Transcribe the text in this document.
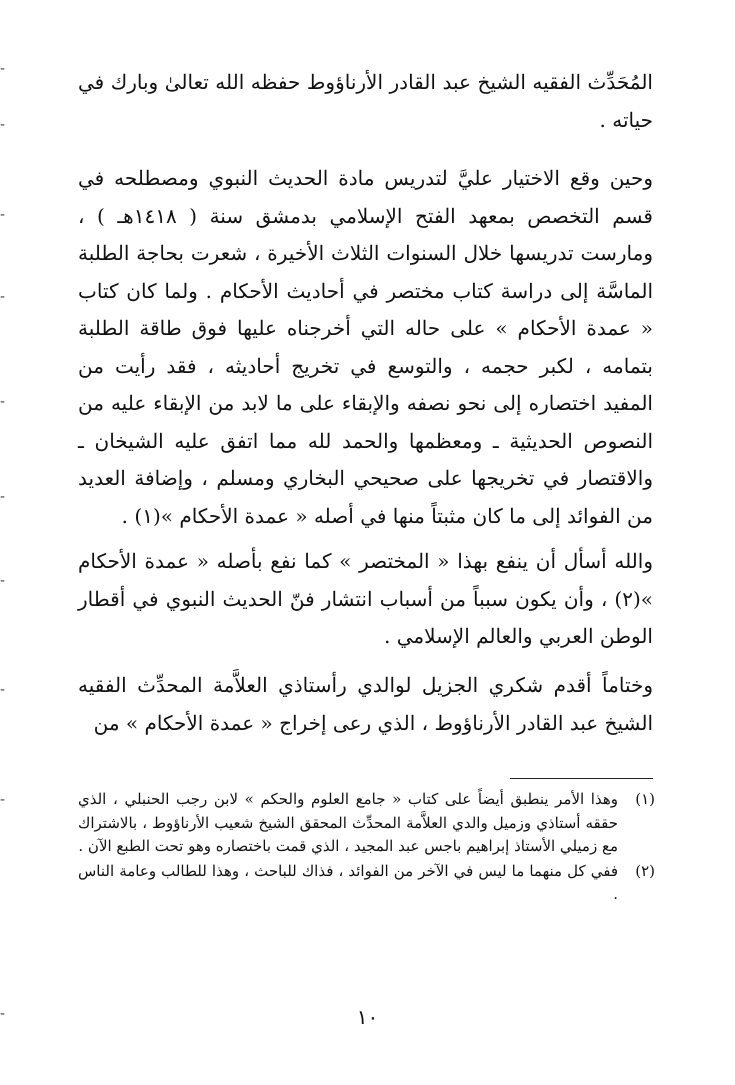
المُحَدِّث الفقيه الشيخ عبد القادر الأرناؤوط حفظه الله تعالىٰ وبارك في حياته .

وحين وقع الاختيار عليَّ لتدريس مادة الحديث النبوي ومصطلحه في قسم التخصص بمعهد الفتح الإسلامي بدمشق سنة ( ١٤١٨هـ ) ، ومارست تدريسها خلال السنوات الثلاث الأخيرة ، شعرت بحاجة الطلبة الماسَّة إلى دراسة كتاب مختصر في أحاديث الأحكام . ولما كان كتاب « عمدة الأحكام » على حاله التي أخرجناه عليها فوق طاقة الطلبة بتمامه ، لكبر حجمه ، والتوسع في تخريج أحاديثه ، فقد رأيت من المفيد اختصاره إلى نحو نصفه والإبقاء على ما لابد من الإبقاء عليه من النصوص الحديثية ـ ومعظمها والحمد لله مما اتفق عليه الشيخان ـ والاقتصار في تخريجها على صحيحي البخاري ومسلم ، وإضافة العديد من الفوائد إلى ما كان مثبتاً منها في أصله « عمدة الأحكام »(١) .

والله أسأل أن ينفع بهذا « المختصر » كما نفع بأصله « عمدة الأحكام »(٢) ، وأن يكون سبباً من أسباب انتشار فنّ الحديث النبوي في أقطار الوطن العربي والعالم الإسلامي .

وختاماً أقدم شكري الجزيل لوالدي رأستاذي العلاَّمة المحدِّث الفقيه الشيخ عبد القادر الأرناؤوط ، الذي رعى إخراج « عمدة الأحكام » من

(١)
وهذا الأمر ينطبق أيضاً على كتاب « جامع العلوم والحكم » لابن رجب الحنبلي ، الذي حققه أستاذي وزميل والدي العلاَّمة المحدِّث المحقق الشيخ شعيب الأرناؤوط ، بالاشتراك مع زميلي الأستاذ إبراهيم باجس عبد المجيد ، الذي قمت باختصاره وهو تحت الطبع الآن .
(٢)
ففي كل منهما ما ليس في الآخر من الفوائد ، فذاك للباحث ، وهذا للطالب وعامة الناس .
١٠
-
-
-
-
-
-
-
-
-
-
